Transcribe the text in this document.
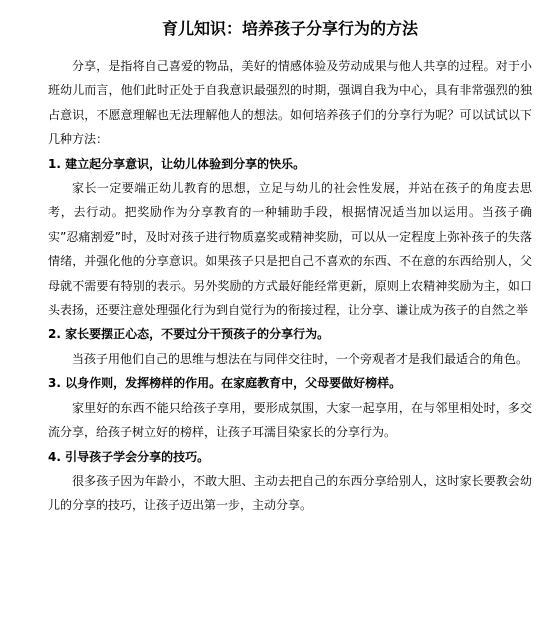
育儿知识：培养孩子分享行为的方法

分享，是指将自己喜爱的物品，美好的情感体验及劳动成果与他人共享的过程。对于小班幼儿而言，他们此时正处于自我意识最强烈的时期，强调自我为中心，具有非常强烈的独占意识，不愿意理解也无法理解他人的想法。如何培养孩子们的分享行为呢？可以试试以下几种方法：

1. 建立起分享意识，让幼儿体验到分享的快乐。

家长一定要端正幼儿教育的思想，立足与幼儿的社会性发展，并站在孩子的角度去思考，去行动。把奖励作为分享教育的一种辅助手段，根据情况适当加以运用。当孩子确实”忍痛割爱”时，及时对孩子进行物质嘉奖或精神奖励，可以从一定程度上弥补孩子的失落情绪，并强化他的分享意识。如果孩子只是把自己不喜欢的东西、不在意的东西给别人，父母就不需要有特别的表示。另外奖励的方式最好能经常更新，原则上农精神奖励为主，如口头表扬，还要注意处理强化行为到自觉行为的衔接过程，让分享、谦让成为孩子的自然之举

2. 家长要摆正心态，不要过分干预孩子的分享行为。

当孩子用他们自己的思维与想法在与同伴交往时，一个旁观者才是我们最适合的角色。

3. 以身作则，发挥榜样的作用。在家庭教育中，父母要做好榜样。

家里好的东西不能只给孩子享用，要形成氛围，大家一起享用，在与邻里相处时，多交流分享，给孩子树立好的榜样，让孩子耳濡目染家长的分享行为。

4. 引导孩子学会分享的技巧。

很多孩子因为年龄小，不敢大胆、主动去把自己的东西分享给别人，这时家长要教会幼儿的分享的技巧，让孩子迈出第一步，主动分享。
